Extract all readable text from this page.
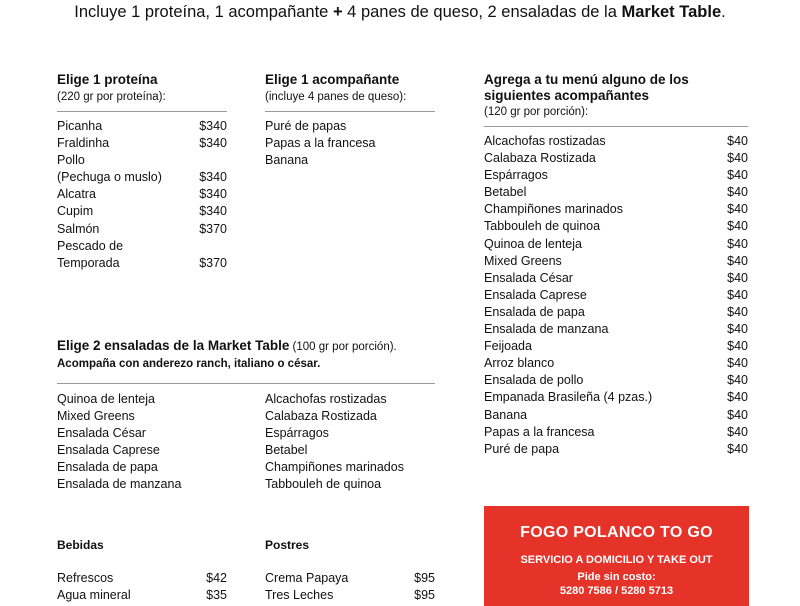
Incluye 1 proteína, 1 acompañante + 4 panes de queso, 2 ensaladas de la Market Table.
Elige 1 proteína
(220 gr por proteína):
Picanha	$340
Fraldinha	$340
Pollo
(Pechuga o muslo)	$340
Alcatra	$340
Cupim	$340
Salmón	$370
Pescado de
Temporada	$370
Elige 1 acompañante
(incluye 4 panes de queso):
Puré de papas
Papas a la francesa
Banana
Agrega a tu menú alguno de los
siguientes acompañantes
(120 gr por porción):
Alcachofas rostizadas	$40
Calabaza Rostizada	$40
Espárragos	$40
Betabel	$40
Champiñones marinados	$40
Tabbouleh de quinoa	$40
Quinoa de lenteja	$40
Mixed Greens	$40
Ensalada César	$40
Ensalada Caprese	$40
Ensalada de papa	$40
Ensalada de manzana	$40
Feijoada	$40
Arroz blanco	$40
Ensalada de pollo	$40
Empanada Brasileña (4 pzas.)	$40
Banana	$40
Papas a la francesa	$40
Puré de papa	$40
Elige 2 ensaladas de la Market Table (100 gr por porción).
Acompaña con anderezo ranch, italiano o césar.
Quinoa de lenteja
Mixed Greens
Ensalada César
Ensalada Caprese
Ensalada de papa
Ensalada de manzana
Alcachofas rostizadas
Calabaza Rostizada
Espárragos
Betabel
Champiñones marinados
Tabbouleh de quinoa
Bebidas
Refrescos	$42
Agua mineral	$35
Postres
Crema Papaya	$95
Tres Leches	$95
FOGO POLANCO TO GO
SERVICIO A DOMICILIO Y TAKE OUT
Pide sin costo:
5280 7586 / 5280 5713
